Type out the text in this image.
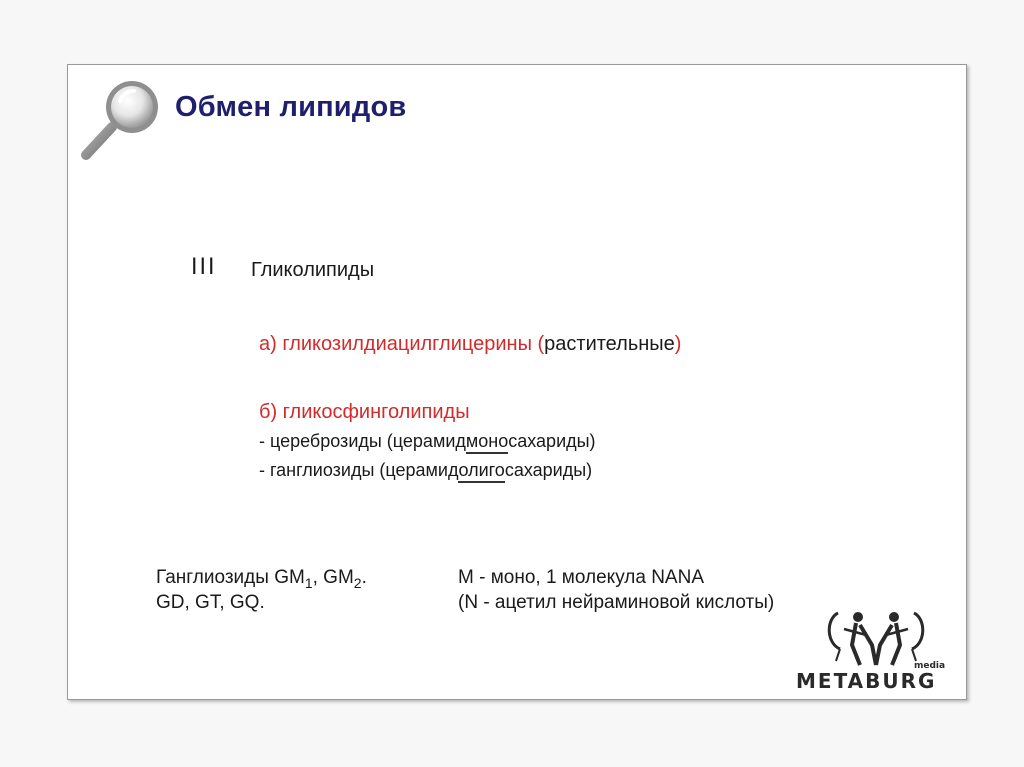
Обмен липидов
III Гликолипиды
а) гликозилдиацилглицерины (растительные)
б) гликосфинголипиды
- цереброзиды (церамидмоносахариды)
- ганглиозиды (церамидолигосахариды)
Ганглиозиды $GM_1$, $GM_2$.
GD, GT, GQ.
M - моно, 1 молекула NANA
(N - ацетил нейраминовой кислоты)
media
METABURG
